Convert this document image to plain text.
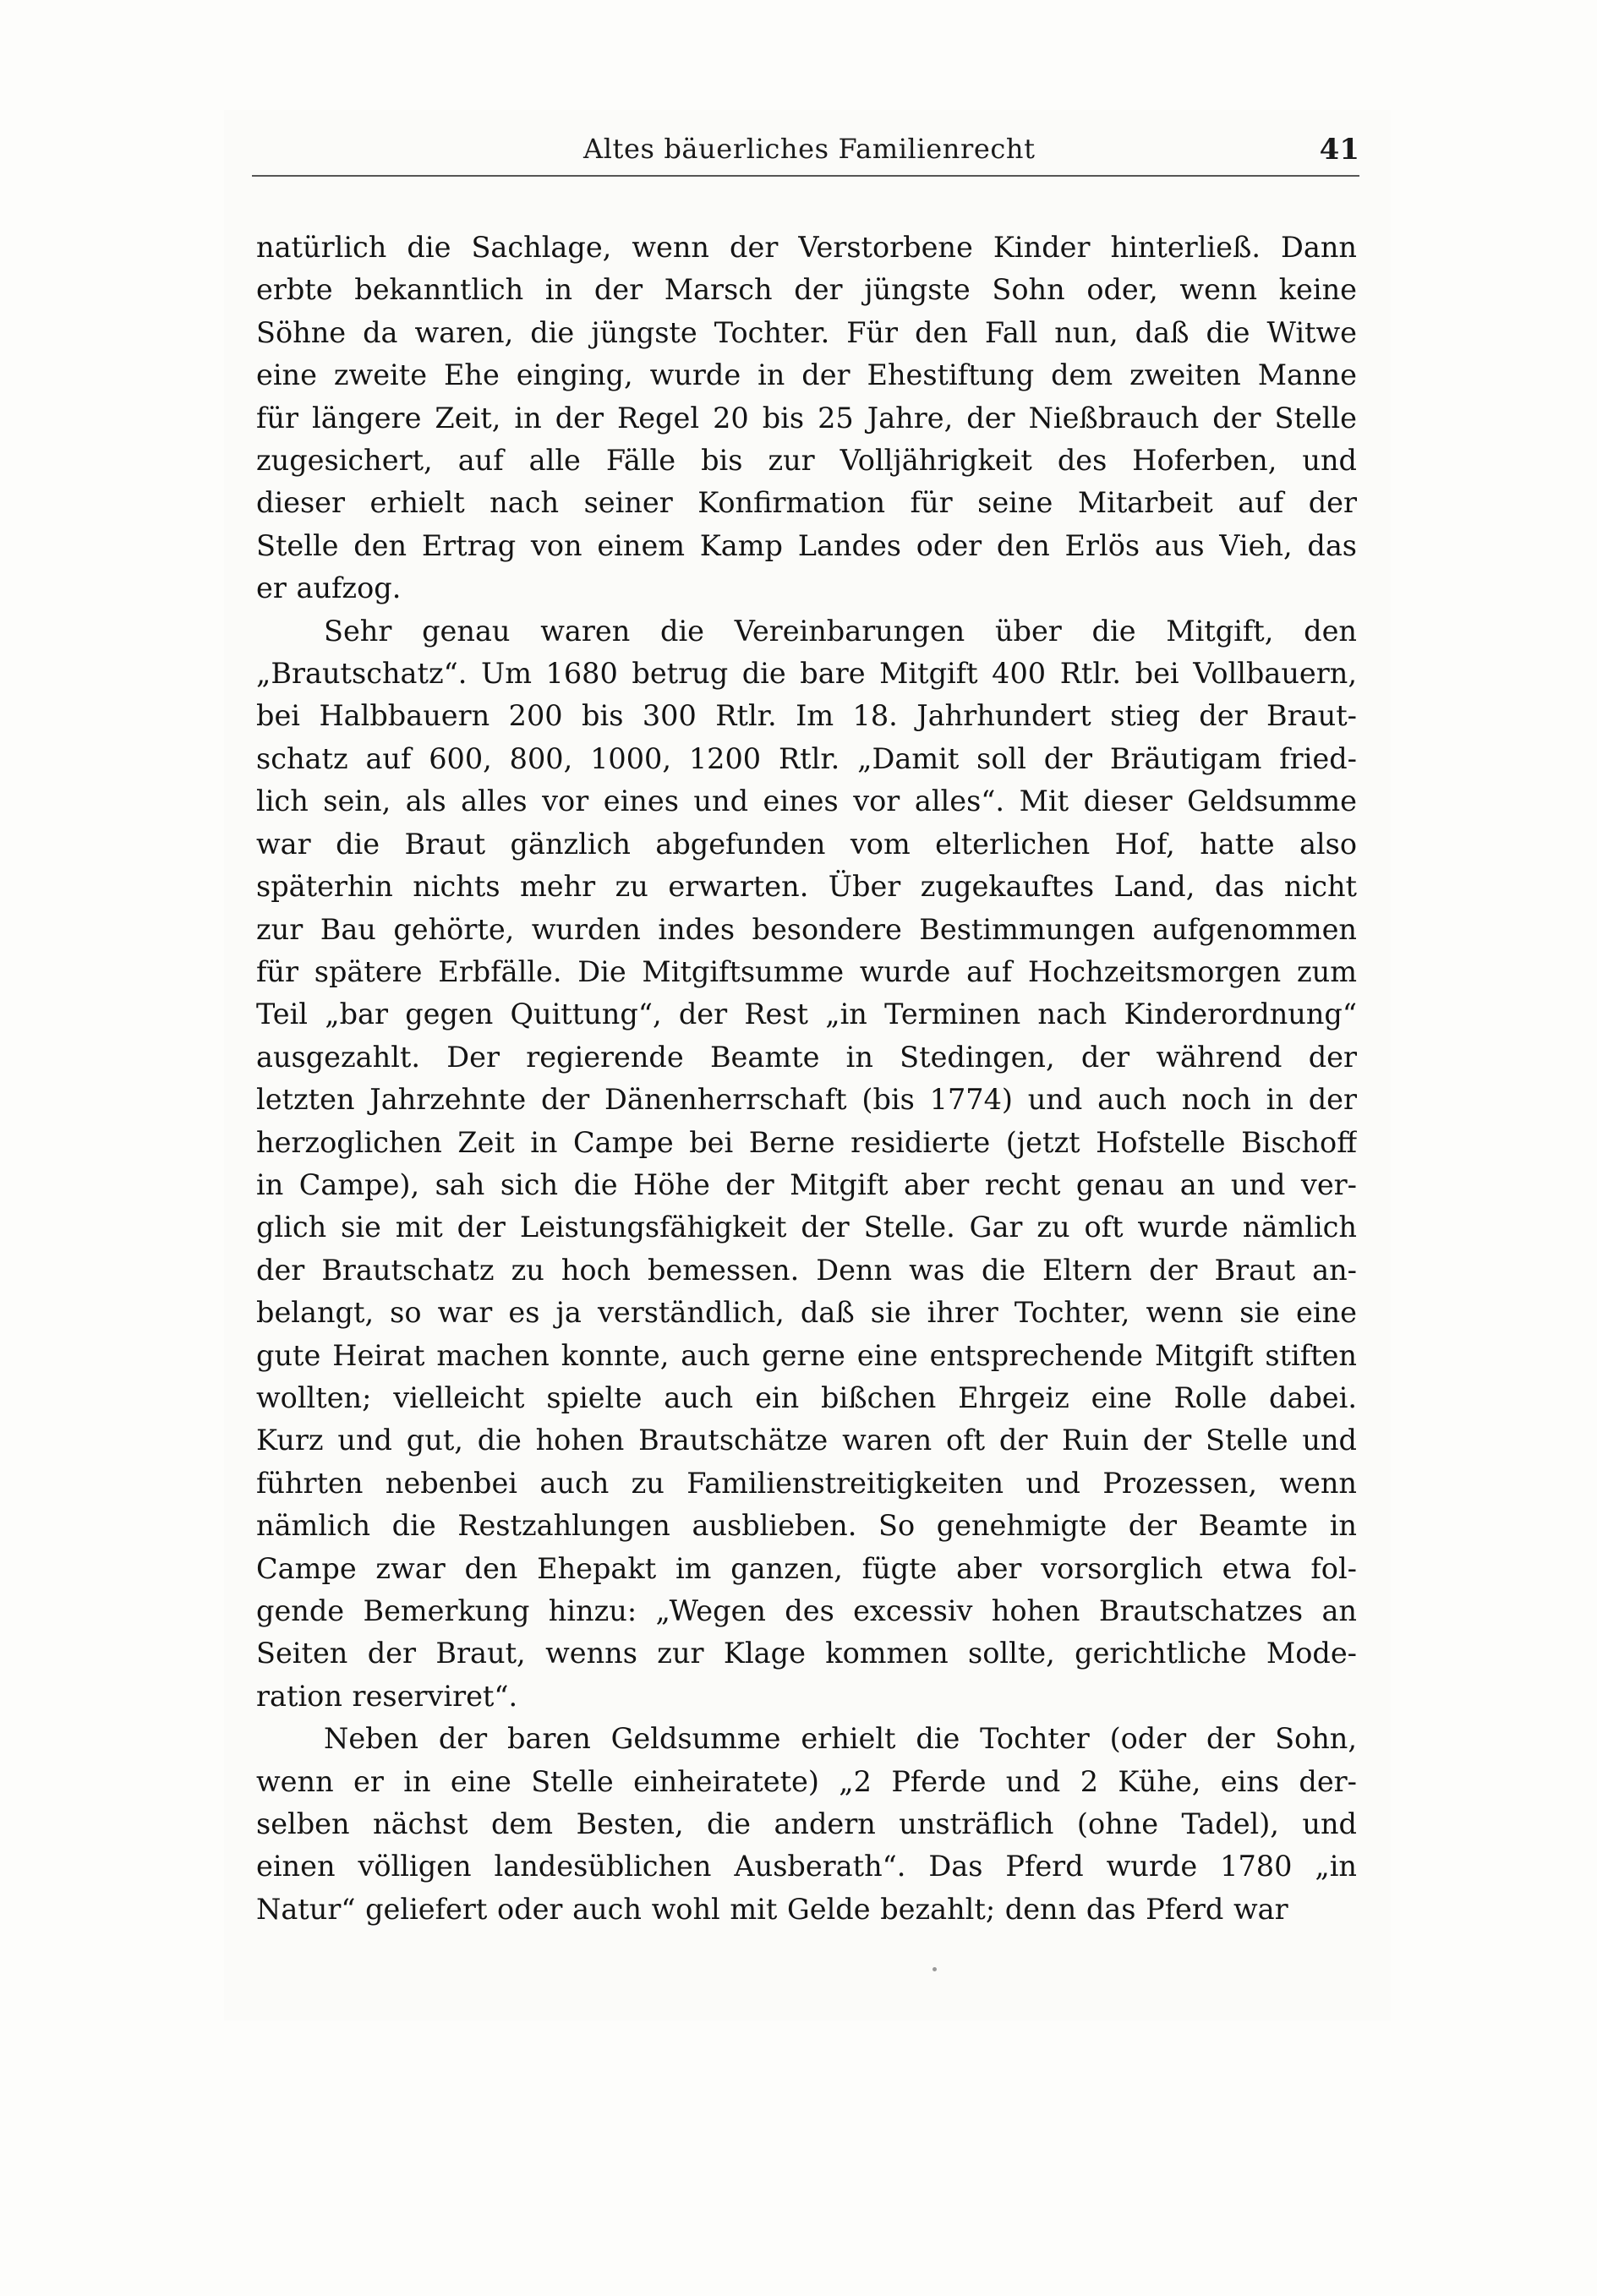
Altes bäuerliches Familienrecht	41
natürlich die Sachlage, wenn der Verstorbene Kinder hinterließ. Dann
erbte bekanntlich in der Marsch der jüngste Sohn oder, wenn keine
Söhne da waren, die jüngste Tochter. Für den Fall nun, daß die Witwe
eine zweite Ehe einging, wurde in der Ehestiftung dem zweiten Manne
für längere Zeit, in der Regel 20 bis 25 Jahre, der Nießbrauch der Stelle
zugesichert, auf alle Fälle bis zur Volljährigkeit des Hoferben, und
dieser erhielt nach seiner Konfirmation für seine Mitarbeit auf der
Stelle den Ertrag von einem Kamp Landes oder den Erlös aus Vieh, das
er aufzog.
Sehr genau waren die Vereinbarungen über die Mitgift, den
„Brautschatz“. Um 1680 betrug die bare Mitgift 400 Rtlr. bei Vollbauern,
bei Halbbauern 200 bis 300 Rtlr. Im 18. Jahrhundert stieg der Braut-
schatz auf 600, 800, 1000, 1200 Rtlr. „Damit soll der Bräutigam fried-
lich sein, als alles vor eines und eines vor alles“. Mit dieser Geldsumme
war die Braut gänzlich abgefunden vom elterlichen Hof, hatte also
späterhin nichts mehr zu erwarten. Über zugekauftes Land, das nicht
zur Bau gehörte, wurden indes besondere Bestimmungen aufgenommen
für spätere Erbfälle. Die Mitgiftsumme wurde auf Hochzeitsmorgen zum
Teil „bar gegen Quittung“, der Rest „in Terminen nach Kinderordnung“
ausgezahlt. Der regierende Beamte in Stedingen, der während der
letzten Jahrzehnte der Dänenherrschaft (bis 1774) und auch noch in der
herzoglichen Zeit in Campe bei Berne residierte (jetzt Hofstelle Bischoff
in Campe), sah sich die Höhe der Mitgift aber recht genau an und ver-
glich sie mit der Leistungsfähigkeit der Stelle. Gar zu oft wurde nämlich
der Brautschatz zu hoch bemessen. Denn was die Eltern der Braut an-
belangt, so war es ja verständlich, daß sie ihrer Tochter, wenn sie eine
gute Heirat machen konnte, auch gerne eine entsprechende Mitgift stiften
wollten; vielleicht spielte auch ein bißchen Ehrgeiz eine Rolle dabei.
Kurz und gut, die hohen Brautschätze waren oft der Ruin der Stelle und
führten nebenbei auch zu Familienstreitigkeiten und Prozessen, wenn
nämlich die Restzahlungen ausblieben. So genehmigte der Beamte in
Campe zwar den Ehepakt im ganzen, fügte aber vorsorglich etwa fol-
gende Bemerkung hinzu: „Wegen des excessiv hohen Brautschatzes an
Seiten der Braut, wenns zur Klage kommen sollte, gerichtliche Mode-
ration reserviret“.
Neben der baren Geldsumme erhielt die Tochter (oder der Sohn,
wenn er in eine Stelle einheiratete) „2 Pferde und 2 Kühe, eins der-
selben nächst dem Besten, die andern unsträflich (ohne Tadel), und
einen völligen landesüblichen Ausberath“. Das Pferd wurde 1780 „in
Natur“ geliefert oder auch wohl mit Gelde bezahlt; denn das Pferd war
